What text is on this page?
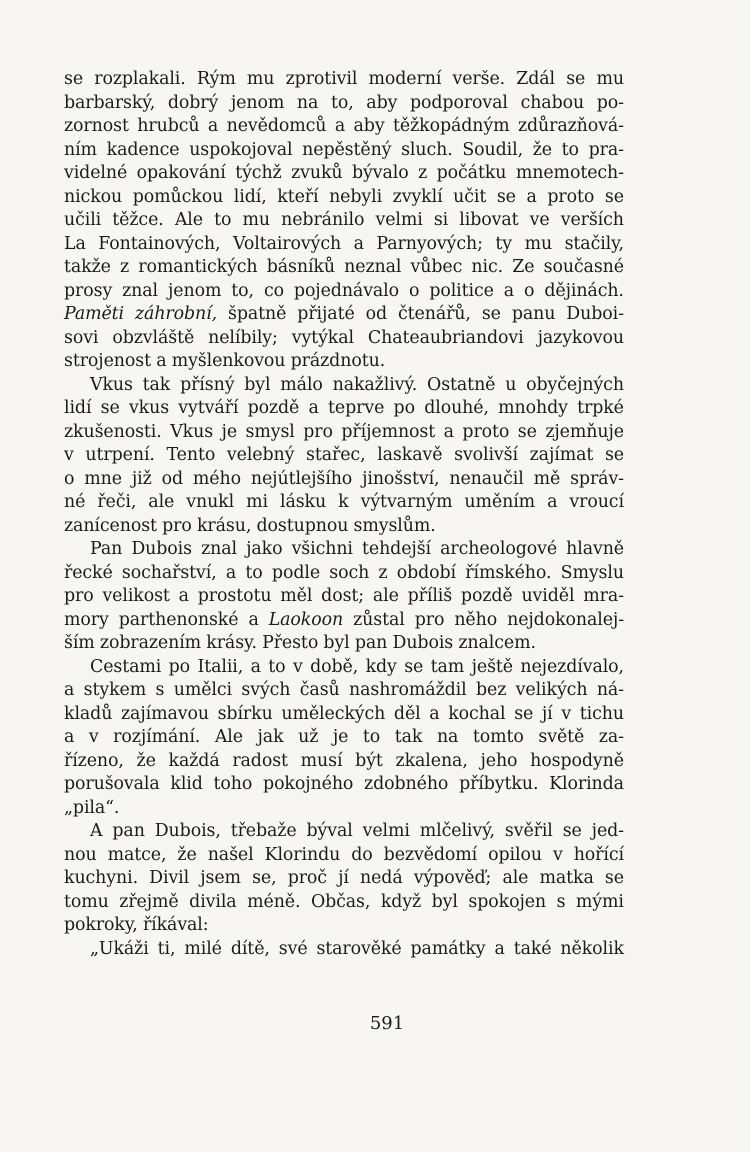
se rozplakali. Rým mu zprotivil moderní verše. Zdál se mu
barbarský, dobrý jenom na to, aby podporoval chabou po-
zornost hrubců a nevědomců a aby těžkopádným zdůrazňová-
ním kadence uspokojoval nepěstěný sluch. Soudil, že to pra-
videlné opakování týchž zvuků bývalo z počátku mnemotech-
nickou pomůckou lidí, kteří nebyli zvyklí učit se a proto se
učili těžce. Ale to mu nebránilo velmi si libovat ve verších
La Fontainových, Voltairových a Parnyových; ty mu stačily,
takže z romantických básníků neznal vůbec nic. Ze současné
prosy znal jenom to, co pojednávalo o politice a o dějinách.
Paměti záhrobní, špatně přijaté od čtenářů, se panu Duboi-
sovi obzvláště nelíbily; vytýkal Chateaubriandovi jazykovou
strojenost a myšlenkovou prázdnotu.
Vkus tak přísný byl málo nakažlivý. Ostatně u obyčejných
lidí se vkus vytváří pozdě a teprve po dlouhé, mnohdy trpké
zkušenosti. Vkus je smysl pro příjemnost a proto se zjemňuje
v utrpení. Tento velebný stařec, laskavě svolivší zajímat se
o mne již od mého nejútlejšího jinošství, nenaučil mě správ-
né řeči, ale vnukl mi lásku k výtvarným uměním a vroucí
zanícenost pro krásu, dostupnou smyslům.
Pan Dubois znal jako všichni tehdejší archeologové hlavně
řecké sochařství, a to podle soch z období římského. Smyslu
pro velikost a prostotu měl dost; ale příliš pozdě uviděl mra-
mory parthenonské a Laokoon zůstal pro něho nejdokonalej-
ším zobrazením krásy. Přesto byl pan Dubois znalcem.
Cestami po Italii, a to v době, kdy se tam ještě nejezdívalo,
a stykem s umělci svých časů nashromáždil bez velikých ná-
kladů zajímavou sbírku uměleckých děl a kochal se jí v tichu
a v rozjímání. Ale jak už je to tak na tomto světě za-
řízeno, že každá radost musí být zkalena, jeho hospodyně
porušovala klid toho pokojného zdobného příbytku. Klorinda
„pila“.
A pan Dubois, třebaže býval velmi mlčelivý, svěřil se jed-
nou matce, že našel Klorindu do bezvědomí opilou v hořící
kuchyni. Divil jsem se, proč jí nedá výpověď; ale matka se
tomu zřejmě divila méně. Občas, když byl spokojen s mými
pokroky, říkával:
„Ukáži ti, milé dítě, své starověké památky a také několik
591
